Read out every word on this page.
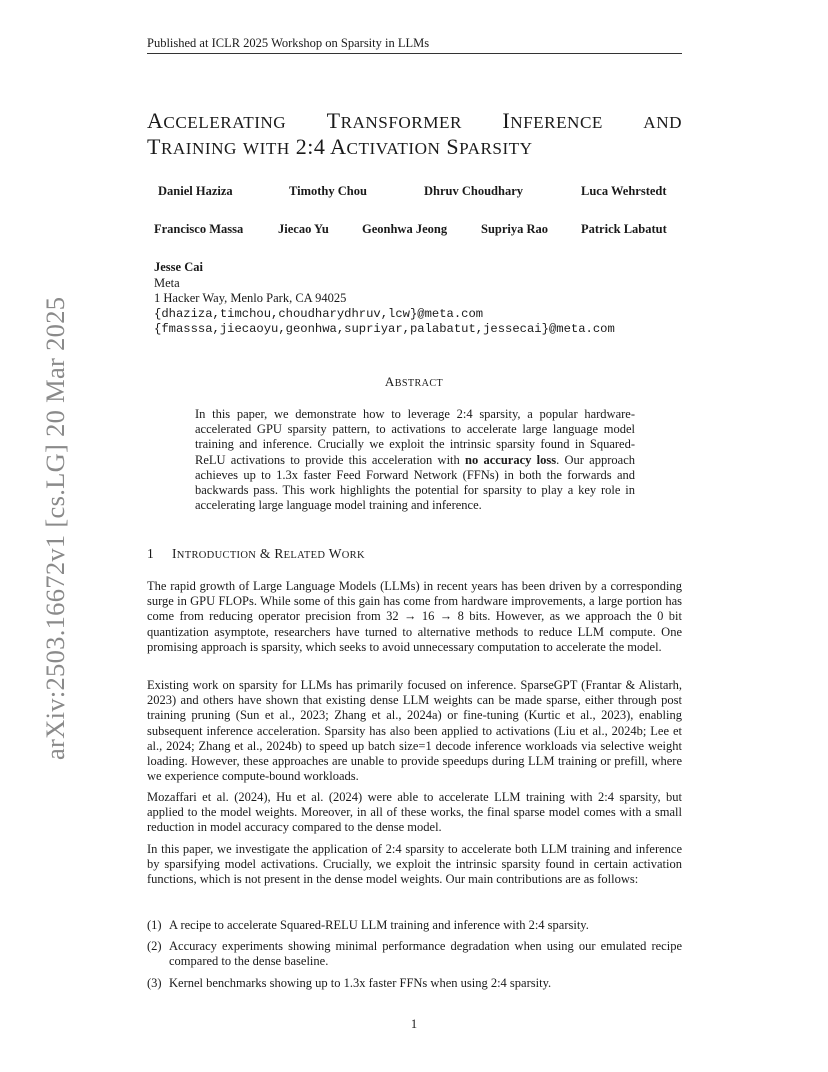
Published at ICLR 2025 Workshop on Sparsity in LLMs
arXiv:2503.16672v1 [cs.LG] 20 Mar 2025
ACCELERATING TRANSFORMER INFERENCE AND
TRAINING WITH 2:4 ACTIVATION SPARSITY
Daniel Haziza	Timothy Chou	Dhruv Choudhary	Luca Wehrstedt
Francisco Massa	Jiecao Yu	Geonhwa Jeong	Supriya Rao	Patrick Labatut
Jesse Cai
Meta
1 Hacker Way, Menlo Park, CA 94025
{dhaziza,timchou,choudharydhruv,lcw}@meta.com
{fmasssa,jiecaoyu,geonhwa,supriyar,palabatut,jessecai}@meta.com
ABSTRACT
In this paper, we demonstrate how to leverage 2:4 sparsity, a popular hardware-accelerated GPU sparsity pattern, to activations to accelerate large language model training and inference. Crucially we exploit the intrinsic sparsity found in Squared-ReLU activations to provide this acceleration with no accuracy loss. Our approach achieves up to 1.3x faster Feed Forward Network (FFNs) in both the forwards and backwards pass. This work highlights the potential for sparsity to play a key role in accelerating large language model training and inference.
1 INTRODUCTION & RELATED WORK
The rapid growth of Large Language Models (LLMs) in recent years has been driven by a corresponding surge in GPU FLOPs. While some of this gain has come from hardware improvements, a large portion has come from reducing operator precision from 32 → 16 → 8 bits. However, as we approach the 0 bit quantization asymptote, researchers have turned to alternative methods to reduce LLM compute. One promising approach is sparsity, which seeks to avoid unnecessary computation to accelerate the model.
Existing work on sparsity for LLMs has primarily focused on inference. SparseGPT (Frantar & Alistarh, 2023) and others have shown that existing dense LLM weights can be made sparse, either through post training pruning (Sun et al., 2023; Zhang et al., 2024a) or fine-tuning (Kurtic et al., 2023), enabling subsequent inference acceleration. Sparsity has also been applied to activations (Liu et al., 2024b; Lee et al., 2024; Zhang et al., 2024b) to speed up batch size=1 decode inference workloads via selective weight loading. However, these approaches are unable to provide speedups during LLM training or prefill, where we experience compute-bound workloads.
Mozaffari et al. (2024), Hu et al. (2024) were able to accelerate LLM training with 2:4 sparsity, but applied to the model weights. Moreover, in all of these works, the final sparse model comes with a small reduction in model accuracy compared to the dense model.
In this paper, we investigate the application of 2:4 sparsity to accelerate both LLM training and inference by sparsifying model activations. Crucially, we exploit the intrinsic sparsity found in certain activation functions, which is not present in the dense model weights. Our main contributions are as follows:
(1) A recipe to accelerate Squared-RELU LLM training and inference with 2:4 sparsity.
(2) Accuracy experiments showing minimal performance degradation when using our emulated recipe compared to the dense baseline.
(3) Kernel benchmarks showing up to 1.3x faster FFNs when using 2:4 sparsity.
1
